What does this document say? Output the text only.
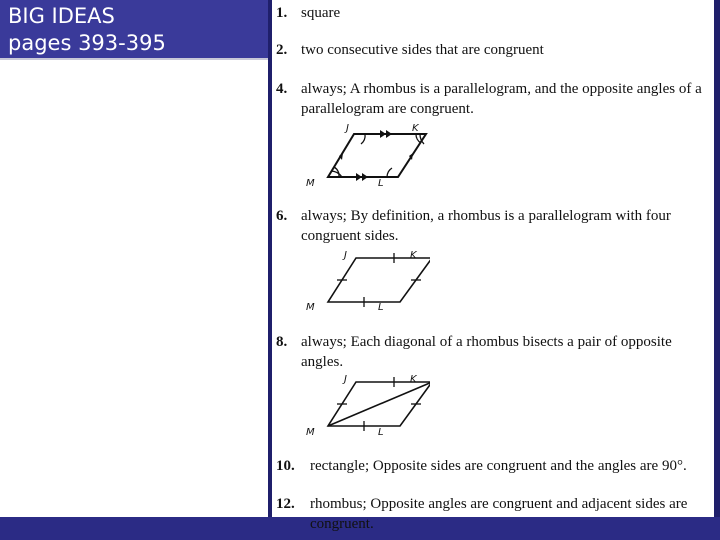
BIG IDEAS
pages 393-395
1. square
2. two consecutive sides that are congruent
4. always; A rhombus is a parallelogram, and the opposite angles of a parallelogram are congruent.
J	K
M	L
6. always; By definition, a rhombus is a parallelogram with four congruent sides.
J	K
M	L
8. always; Each diagonal of a rhombus bisects a pair of opposite angles.
J	K
M	L
10. rectangle; Opposite sides are congruent and the angles are 90°.
12. rhombus; Opposite angles are congruent and adjacent sides are congruent.
